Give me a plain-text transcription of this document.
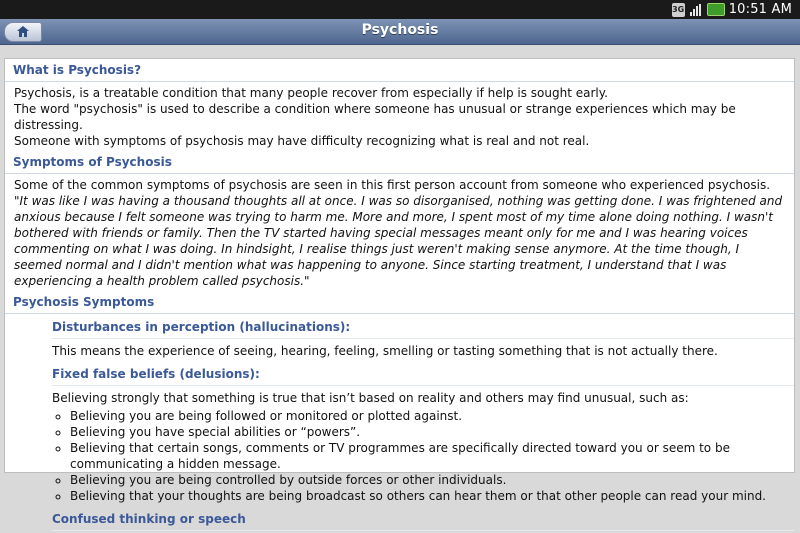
3G	10:51 AM
Psychosis
What is Psychosis?

Psychosis, is a treatable condition that many people recover from especially if help is sought early.

The word "psychosis" is used to describe a condition where someone has unusual or strange experiences which may be distressing.

Someone with symptoms of psychosis may have difficulty recognizing what is real and not real.

Symptoms of Psychosis

Some of the common symptoms of psychosis are seen in this first person account from someone who experienced psychosis.

"It was like I was having a thousand thoughts all at once. I was so disorganised, nothing was getting done. I was frightened and anxious because I felt someone was trying to harm me. More and more, I spent most of my time alone doing nothing. I wasn't bothered with friends or family. Then the TV started having special messages meant only for me and I was hearing voices commenting on what I was doing. In hindsight, I realise things just weren't making sense anymore. At the time though, I seemed normal and I didn't mention what was happening to anyone. Since starting treatment, I understand that I was experiencing a health problem called psychosis."

Psychosis Symptoms
Disturbances in perception (hallucinations):
This means the experience of seeing, hearing, feeling, smelling or tasting something that is not actually there.
Fixed false beliefs (delusions):
Believing strongly that something is true that isn’t based on reality and others may find unusual, such as:
◦ Believing you are being followed or monitored or plotted against.
◦ Believing you have special abilities or “powers”.
◦ Believing that certain songs, comments or TV programmes are specifically directed toward you or seem to be communicating a hidden message.
◦ Believing you are being controlled by outside forces or other individuals.
◦ Believing that your thoughts are being broadcast so others can hear them or that other people can read your mind.
Confused thinking or speech
